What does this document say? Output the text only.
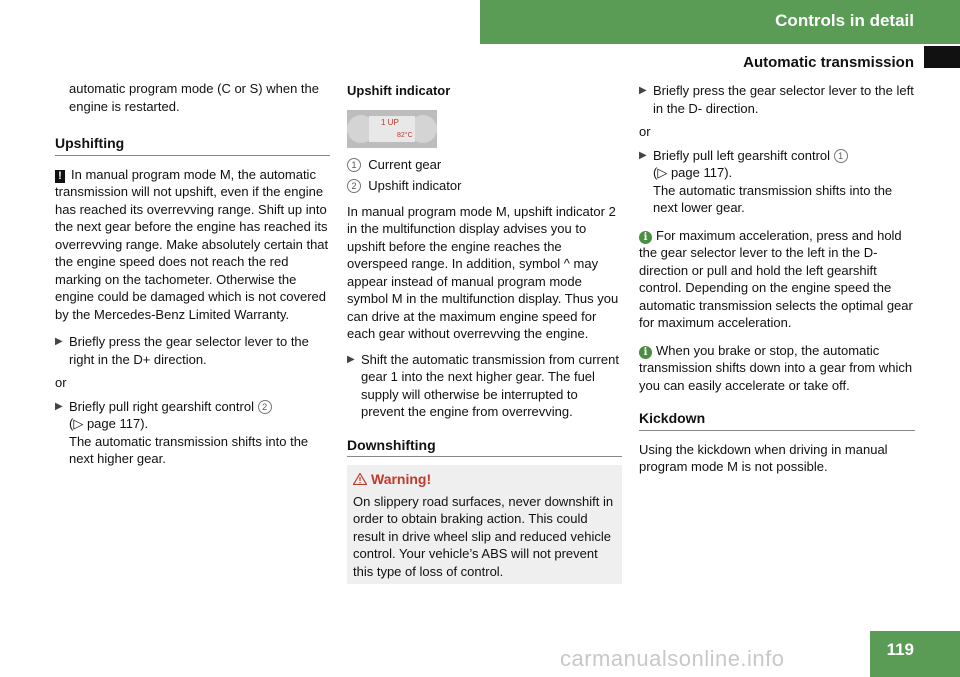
Controls in detail
Automatic transmission

automatic program mode (C or S) when the engine is restarted.

Upshifting

! In manual program mode M, the automatic transmission will not upshift, even if the engine has reached its overrevving range. Shift up into the next gear before the engine has reached its overrevving range. Make absolutely certain that the engine speed does not reach the red marking on the tachometer. Otherwise the engine could be damaged which is not covered by the Mercedes-Benz Limited Warranty.

▶ Briefly press the gear selector lever to the right in the D+ direction.

or

▶ Briefly pull right gearshift control 2
(▷ page 117).
The automatic transmission shifts into the next higher gear.

Upshift indicator

1 UP
82°C

1 Current gear

2 Upshift indicator

In manual program mode M, upshift indicator 2 in the multifunction display advises you to upshift before the engine reaches the overspeed range. In addition, symbol ^ may appear instead of manual program mode symbol M in the multifunction display. Thus you can drive at the maximum engine speed for each gear without overrevving the engine.

▶ Shift the automatic transmission from current gear 1 into the next higher gear. The fuel supply will otherwise be interrupted to prevent the engine from overrevving.

Downshifting
Warning!

On slippery road surfaces, never downshift in order to obtain braking action. This could result in drive wheel slip and reduced vehicle control. Your vehicle’s ABS will not prevent this type of loss of control.

▶ Briefly press the gear selector lever to the left in the D- direction.

or

▶ Briefly pull left gearshift control 1
(▷ page 117).
The automatic transmission shifts into the next lower gear.

i For maximum acceleration, press and hold the gear selector lever to the left in the D- direction or pull and hold the left gearshift control. Depending on the engine speed the automatic transmission selects the optimal gear for maximum acceleration.

i When you brake or stop, the automatic transmission shifts down into a gear from which you can easily accelerate or take off.

Kickdown

Using the kickdown when driving in manual program mode M is not possible.

119
carmanualsonline.info
